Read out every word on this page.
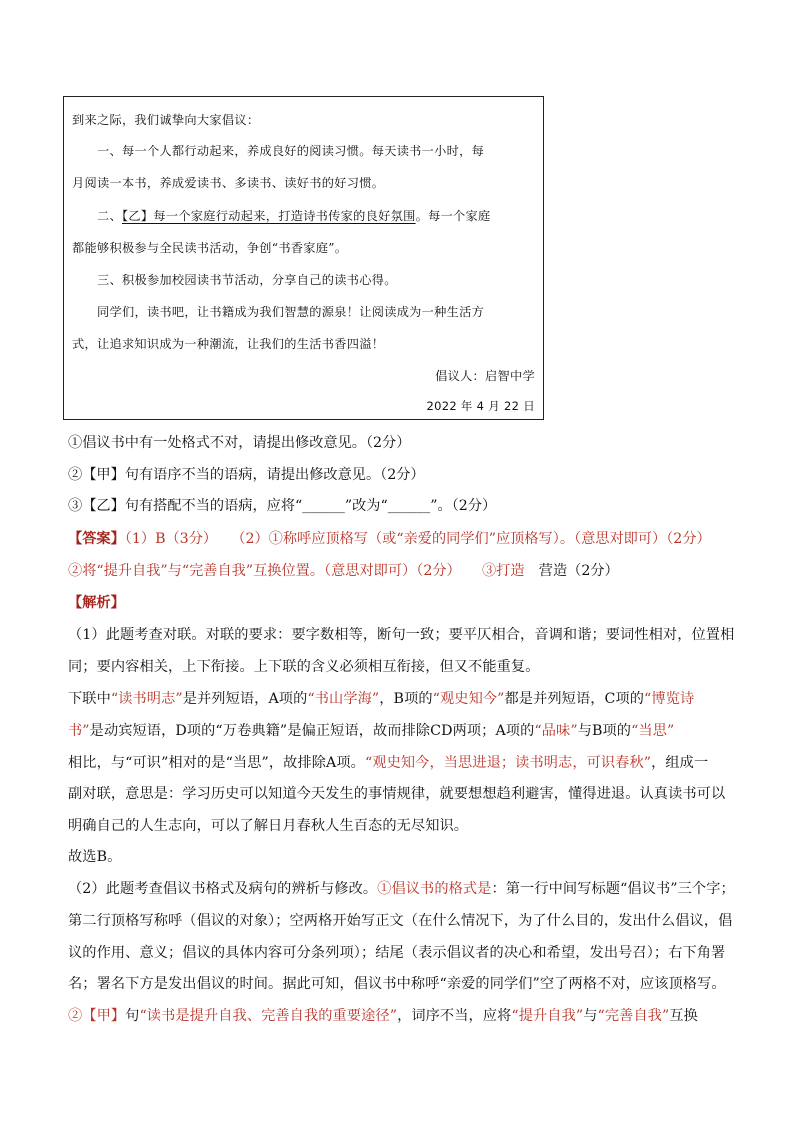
到来之际，我们诚挚向大家倡议：
一、每一个人都行动起来，养成良好的阅读习惯。每天读书一小时，每
月阅读一本书，养成爱读书、多读书、读好书的好习惯。
二、【乙】每一个家庭行动起来，打造诗书传家的良好氛围。每一个家庭
都能够积极参与全民读书活动，争创“书香家庭”。
三、积极参加校园读书节活动，分享自己的读书心得。
同学们，读书吧，让书籍成为我们智慧的源泉！让阅读成为一种生活方
式，让追求知识成为一种潮流，让我们的生活书香四溢！
倡议人：启智中学
2022 年 4 月 22 日
①倡议书中有一处格式不对，请提出修改意见。（2分）
②【甲】句有语序不当的语病，请提出修改意见。（2分）
③【乙】句有搭配不当的语病，应将“______”改为“______”。（2分）
【答案】（1）B（3分）　　（2）①称呼应顶格写（或“亲爱的同学们”应顶格写）。（意思对即可）（2分）
②将“提升自我”与“完善自我”互换位置。（意思对即可）（2分）　　③打造　营造（2分）
【解析】
（1）此题考查对联。对联的要求：要字数相等，断句一致；要平仄相合，音调和谐；要词性相对，位置相
同；要内容相关，上下衔接。上下联的含义必须相互衔接，但又不能重复。
下联中“读书明志”是并列短语，A项的“书山学海”，B项的“观史知今”都是并列短语，C项的“博览诗
书”是动宾短语，D项的“万卷典籍”是偏正短语，故而排除CD两项；A项的“品味”与B项的“当思”
相比，与“可识”相对的是“当思”，故排除A项。“观史知今，当思进退；读书明志，可识春秋”，组成一
副对联，意思是：学习历史可以知道今天发生的事情规律，就要想想趋利避害，懂得进退。认真读书可以
明确自己的人生志向，可以了解日月春秋人生百态的无尽知识。
故选B。
（2）此题考查倡议书格式及病句的辨析与修改。①倡议书的格式是：第一行中间写标题“倡议书”三个字；
第二行顶格写称呼（倡议的对象）；空两格开始写正文（在什么情况下，为了什么目的，发出什么倡议，倡
议的作用、意义；倡议的具体内容可分条列项）；结尾（表示倡议者的决心和希望，发出号召）；右下角署
名；署名下方是发出倡议的时间。据此可知，倡议书中称呼“亲爱的同学们”空了两格不对，应该顶格写。
②【甲】句“读书是提升自我、完善自我的重要途径”，词序不当，应将“提升自我”与“完善自我”互换
